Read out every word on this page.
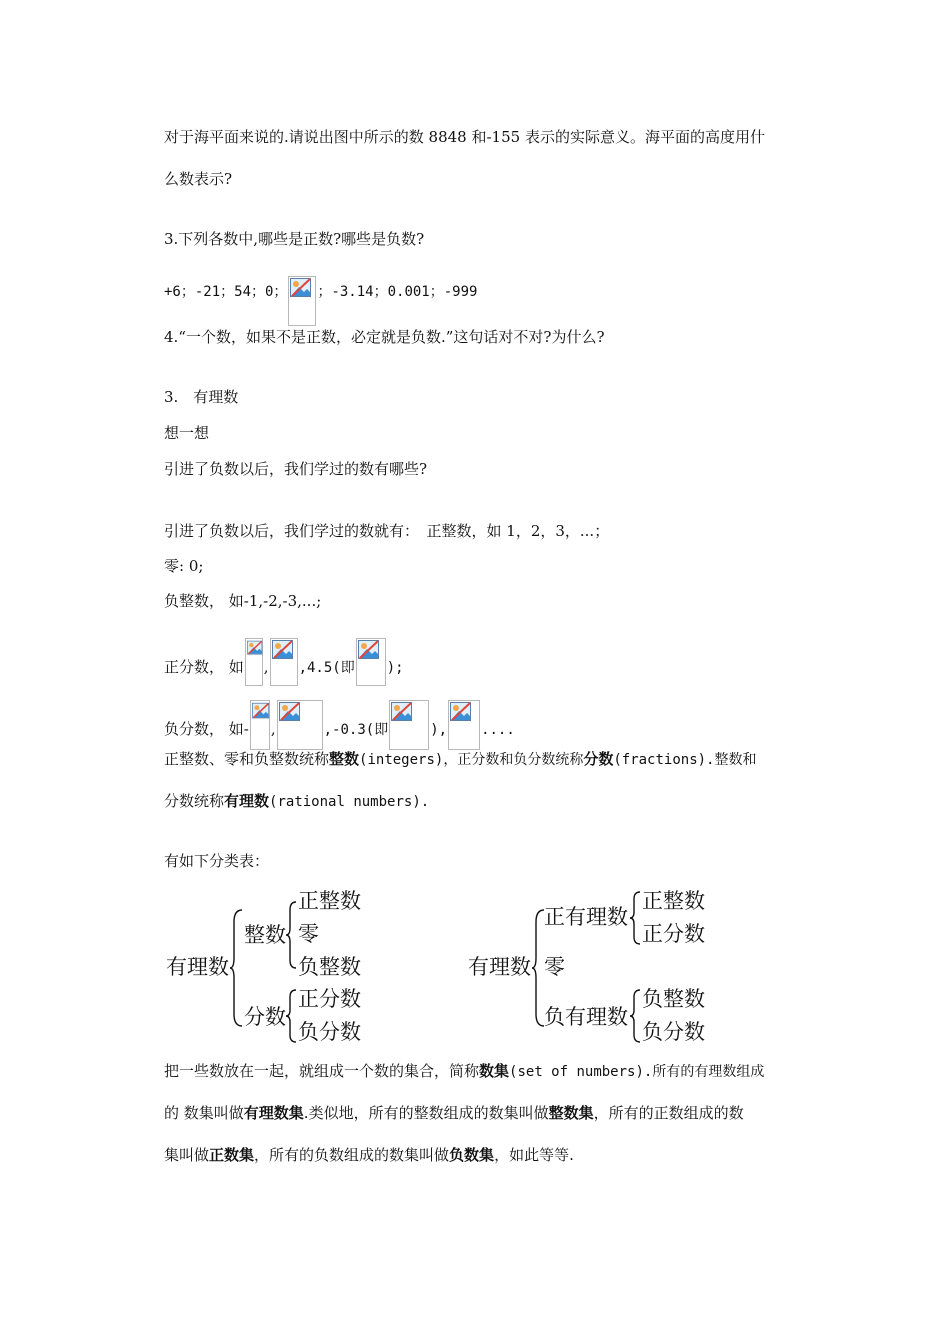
对于海平面来说的.请说出图中所示的数 8848 和-155 表示的实际意义。海平面的高度用什
么数表示?
3.下列各数中,哪些是正数?哪些是负数?
+6；-21；54；0； ；-3.14；0.001；-999
4.“一个数，如果不是正数，必定就是负数.”这句话对不对?为什么?
3.　有理数
想一想
引进了负数以后，我们学过的数有哪些?
引进了负数以后，我们学过的数就有：　正整数，如 1，2，3，...；
零: 0;
负整数， 如-1,-2,-3,...;
正分数， 如 , ,4.5(即 );
负分数， 如- ,	,-0.3(即	), ....
正整数、零和负整数统称整数(integers)，正分数和负分数统称分数(fractions).整数和
分数统称有理数(rational numbers).
有如下分类表：
有理数
整数
正整数
零
负整数
分数
正分数
负分数
有理数
正有理数
正整数
正分数
零
负有理数
负整数
负分数
把一些数放在一起，就组成一个数的集合，简称数集(set of numbers).所有的有理数组成
的 数集叫做有理数集.类似地，所有的整数组成的数集叫做整数集，所有的正数组成的数
集叫做正数集，所有的负数组成的数集叫做负数集，如此等等.
